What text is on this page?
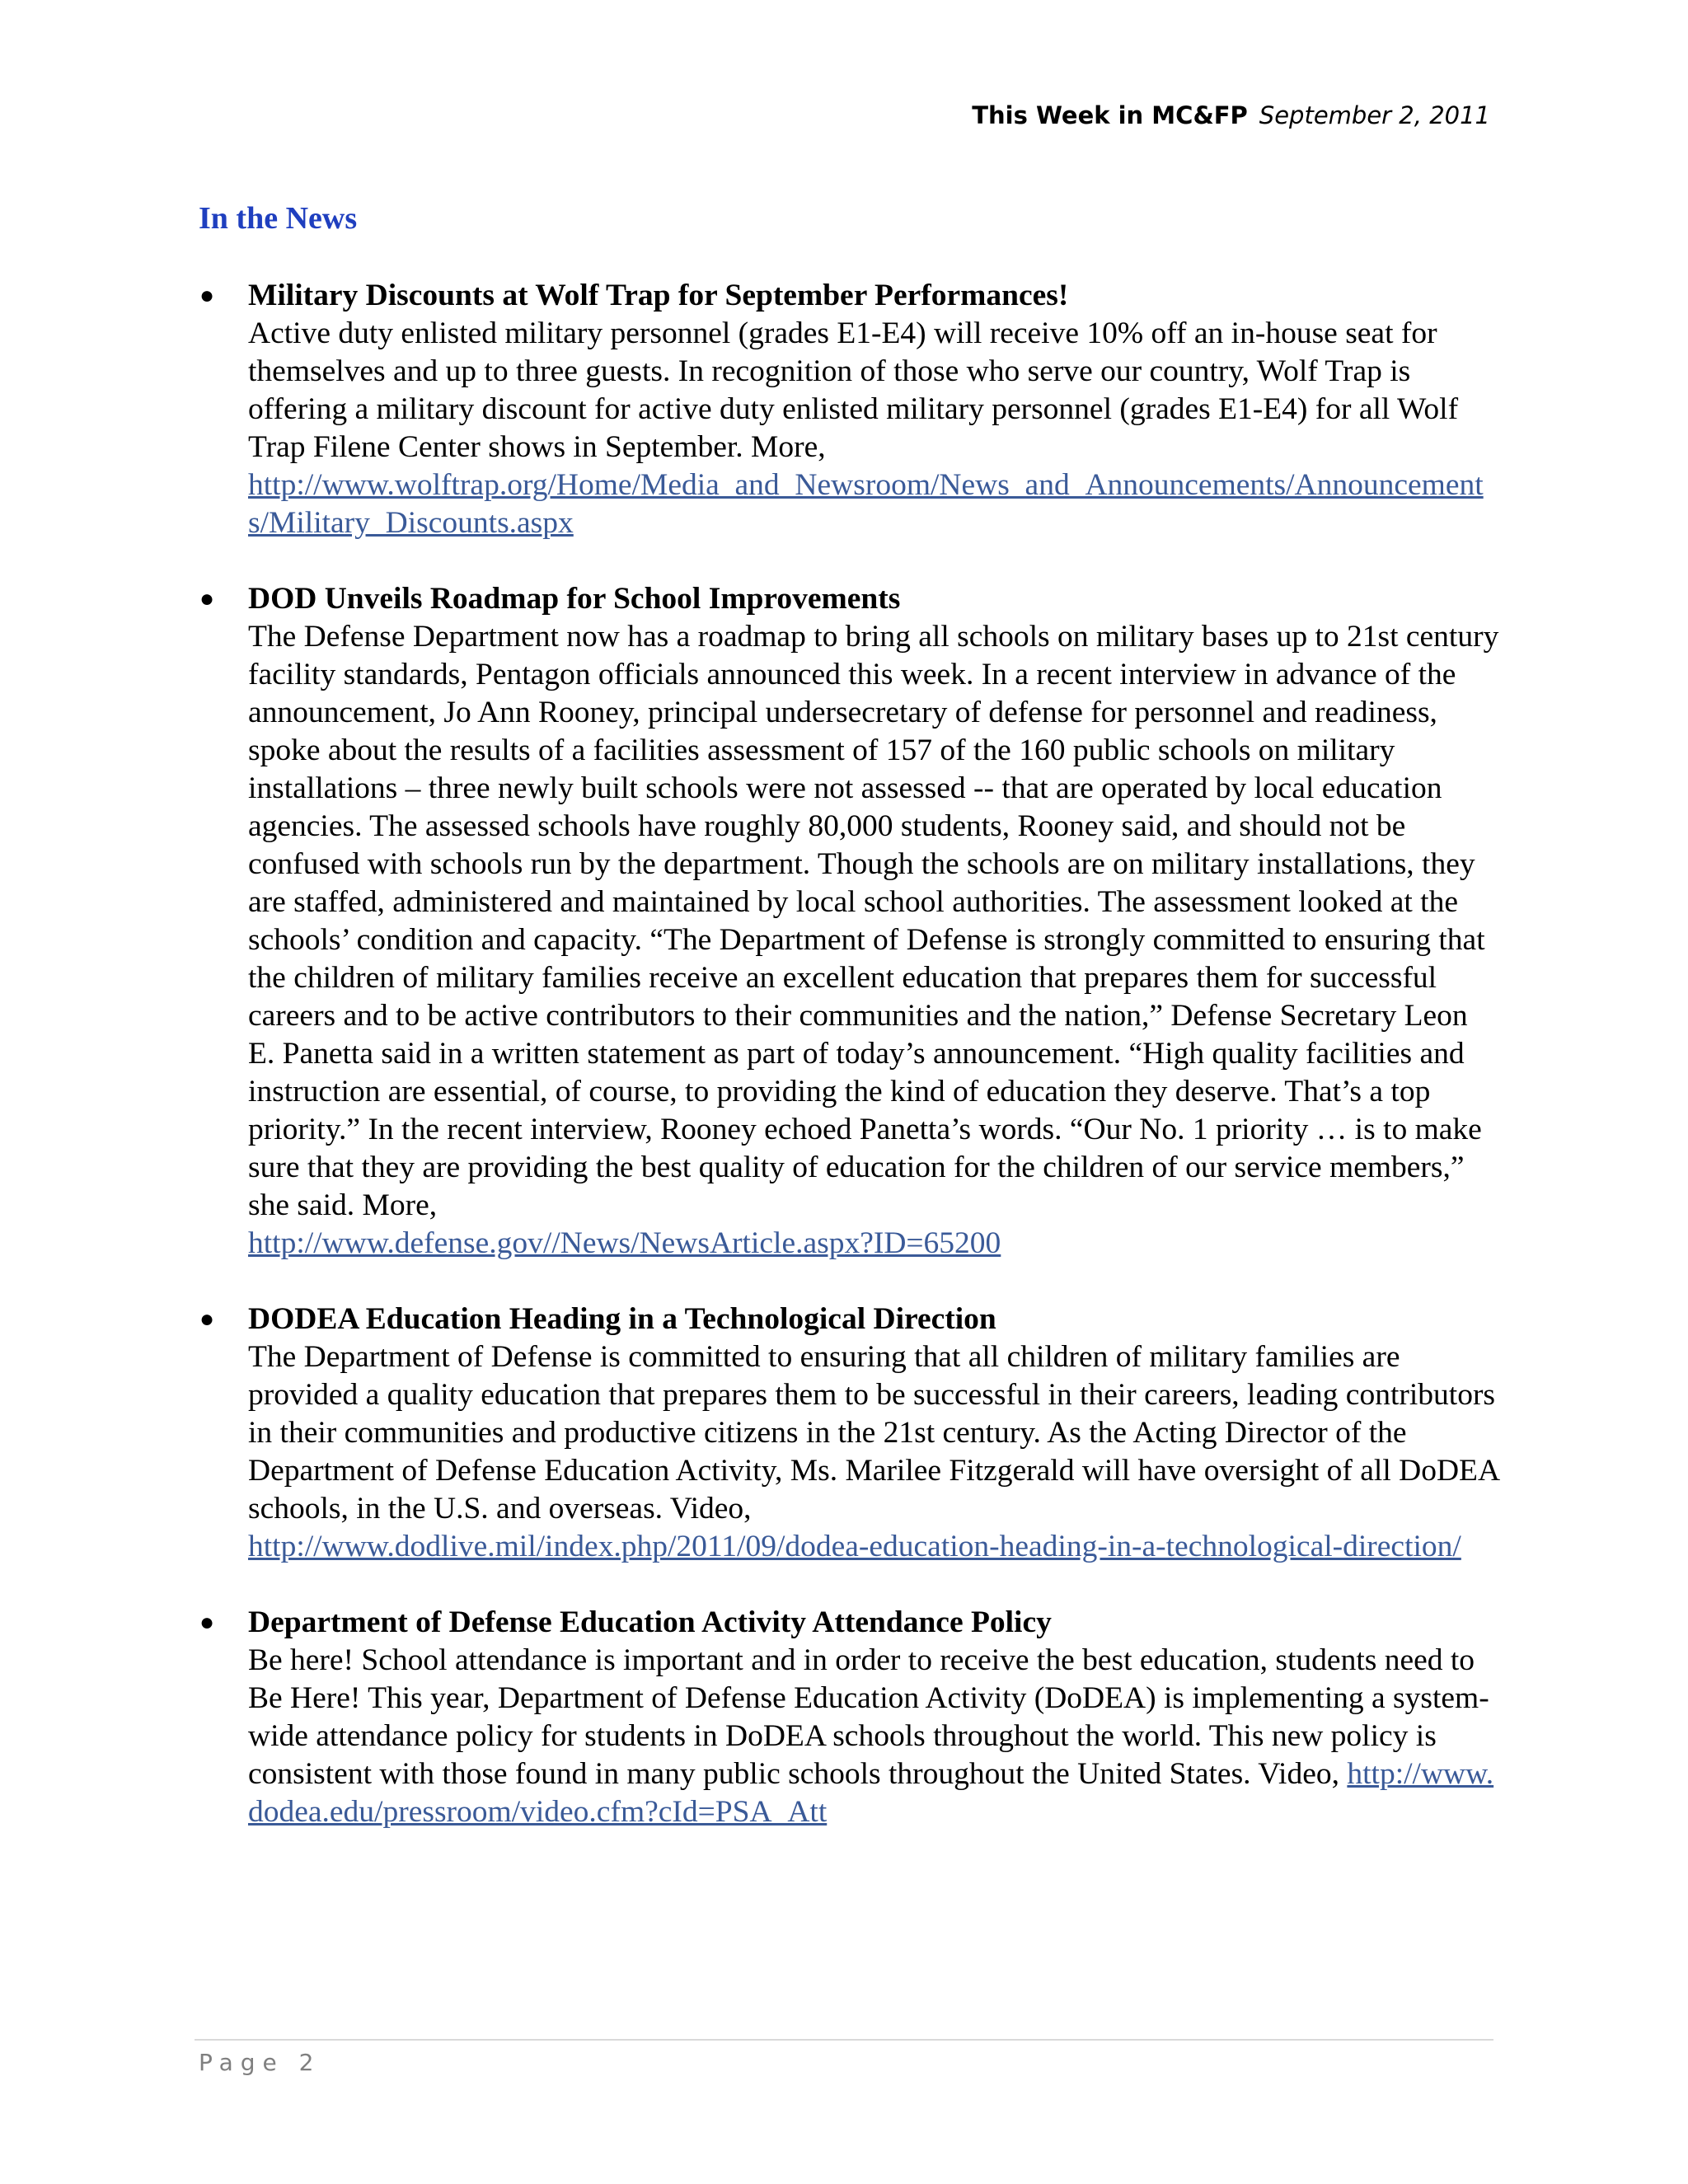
This Week in MC&FP September 2, 2011
In the News
● Military Discounts at Wolf Trap for September Performances!
Active duty enlisted military personnel (grades E1-E4) will receive 10% off an in-house seat for themselves and up to three guests. In recognition of those who serve our country, Wolf Trap is offering a military discount for active duty enlisted military personnel (grades E1-E4) for all Wolf Trap Filene Center shows in September. More,
http://www.wolftrap.org/Home/Media_and_Newsroom/News_and_Announcements/Announcements/Military_Discounts.aspx
● DOD Unveils Roadmap for School Improvements
The Defense Department now has a roadmap to bring all schools on military bases up to 21st century facility standards, Pentagon officials announced this week. In a recent interview in advance of the announcement, Jo Ann Rooney, principal undersecretary of defense for personnel and readiness, spoke about the results of a facilities assessment of 157 of the 160 public schools on military installations – three newly built schools were not assessed -- that are operated by local education agencies. The assessed schools have roughly 80,000 students, Rooney said, and should not be confused with schools run by the department. Though the schools are on military installations, they are staffed, administered and maintained by local school authorities. The assessment looked at the schools’ condition and capacity. “The Department of Defense is strongly committed to ensuring that the children of military families receive an excellent education that prepares them for successful careers and to be active contributors to their communities and the nation,” Defense Secretary Leon E. Panetta said in a written statement as part of today’s announcement. “High quality facilities and instruction are essential, of course, to providing the kind of education they deserve. That’s a top priority.” In the recent interview, Rooney echoed Panetta’s words. “Our No. 1 priority … is to make sure that they are providing the best quality of education for the children of our service members,” she said. More,
http://www.defense.gov//News/NewsArticle.aspx?ID=65200
● DODEA Education Heading in a Technological Direction
The Department of Defense is committed to ensuring that all children of military families are provided a quality education that prepares them to be successful in their careers, leading contributors in their communities and productive citizens in the 21st century. As the Acting Director of the Department of Defense Education Activity, Ms. Marilee Fitzgerald will have oversight of all DoDEA schools, in the U.S. and overseas. Video,
http://www.dodlive.mil/index.php/2011/09/dodea-education-heading-in-a-technological-direction/
● Department of Defense Education Activity Attendance Policy
Be here! School attendance is important and in order to receive the best education, students need to Be Here! This year, Department of Defense Education Activity (DoDEA) is implementing a system-wide attendance policy for students in DoDEA schools throughout the world. This new policy is consistent with those found in many public schools throughout the United States. Video, http://www.dodea.edu/pressroom/video.cfm?cId=PSA_Att
Page 2
